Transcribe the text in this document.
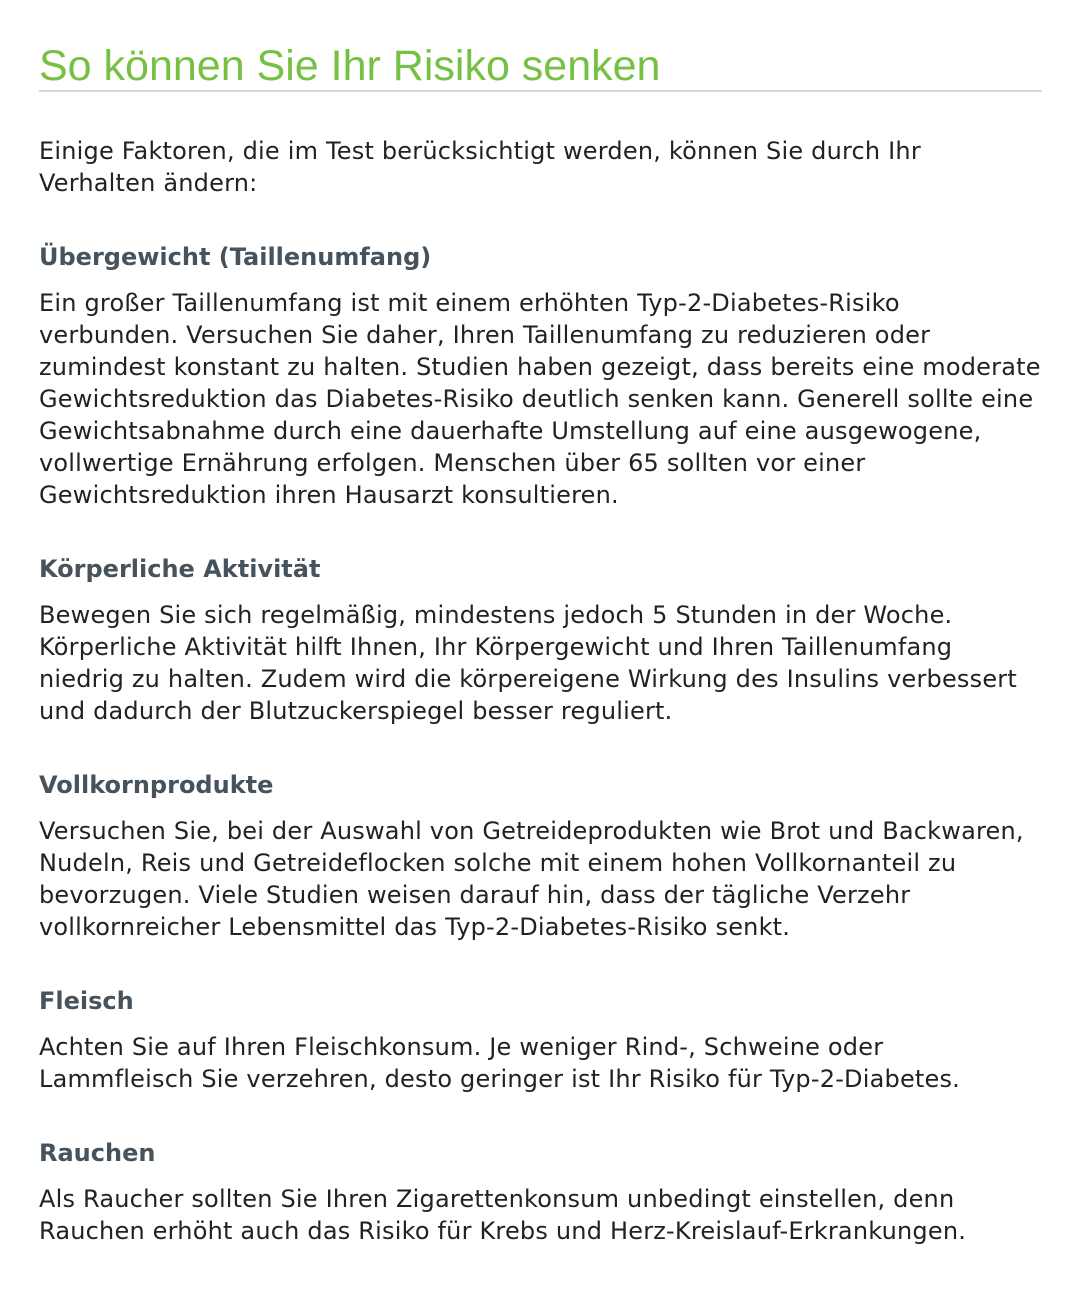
So können Sie Ihr Risiko senken

Einige Faktoren, die im Test berücksichtigt werden, können Sie durch Ihr Verhalten ändern:

Übergewicht (Taillenumfang)

Ein großer Taillenumfang ist mit einem erhöhten Typ-2-Diabetes-Risiko verbunden. Versuchen Sie daher, Ihren Taillenumfang zu reduzieren oder zumindest konstant zu halten. Studien haben gezeigt, dass bereits eine moderate Gewichtsreduktion das Diabetes-Risiko deutlich senken kann. Generell sollte eine Gewichtsabnahme durch eine dauerhafte Umstellung auf eine ausgewogene, vollwertige Ernährung erfolgen. Menschen über 65 sollten vor einer Gewichtsreduktion ihren Hausarzt konsultieren.

Körperliche Aktivität

Bewegen Sie sich regelmäßig, mindestens jedoch 5 Stunden in der Woche. Körperliche Aktivität hilft Ihnen, Ihr Körpergewicht und Ihren Taillenumfang niedrig zu halten. Zudem wird die körpereigene Wirkung des Insulins verbessert und dadurch der Blutzuckerspiegel besser reguliert.

Vollkornprodukte

Versuchen Sie, bei der Auswahl von Getreideprodukten wie Brot und Backwaren, Nudeln, Reis und Getreideflocken solche mit einem hohen Vollkornanteil zu bevorzugen. Viele Studien weisen darauf hin, dass der tägliche Verzehr vollkornreicher Lebensmittel das Typ-2-Diabetes-Risiko senkt.

Fleisch

Achten Sie auf Ihren Fleischkonsum. Je weniger Rind-, Schweine oder Lammfleisch Sie verzehren, desto geringer ist Ihr Risiko für Typ-2-Diabetes.

Rauchen

Als Raucher sollten Sie Ihren Zigarettenkonsum unbedingt einstellen, denn Rauchen erhöht auch das Risiko für Krebs und Herz-Kreislauf-Erkrankungen.
